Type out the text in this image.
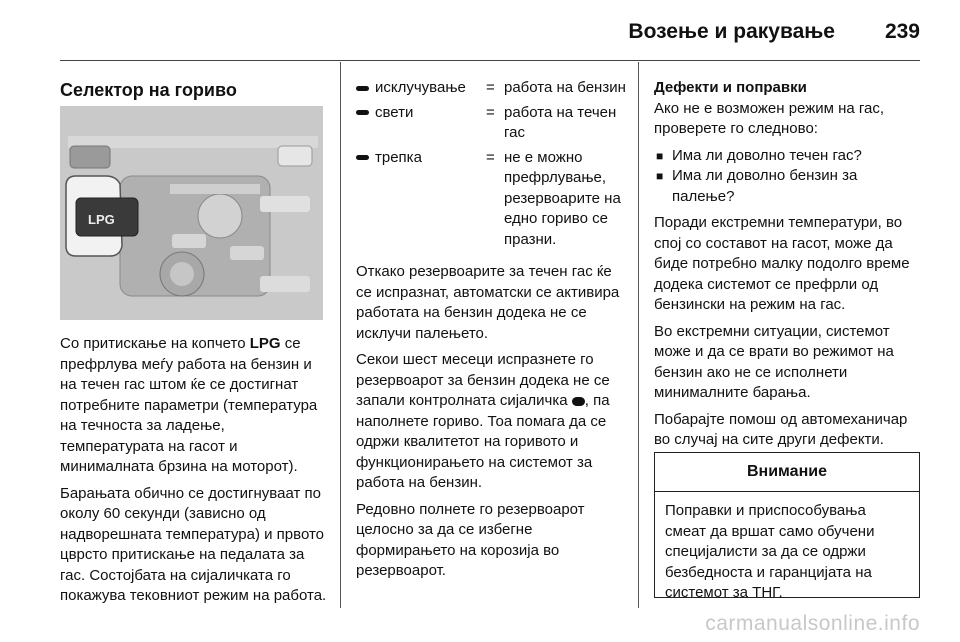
Возење и ракување 239
Селектор на гориво
LPG

Со притискање на копчето LPG се префрлува меѓу работа на бензин и на течен гас штом ќе се достигнат потребните параметри (температура на течноста за ладење, температурата на гасот и минималната брзина на моторот).

Барањата обично се достигнуваат по околу 60 секунди (зависно од надворешната температура) и првото цврсто притискање на педалата за гас. Состојбата на сијаличката го покажува тековниот режим на работа.

исклучување	=	работа на бензин
свети	=	работа на течен гас
трепка	=	не е можно префрлување, резервоарите на едно гориво се празни.

Откако резервоарите за течен гас ќе се испразнат, автоматски се активира работата на бензин додека не се исклучи палењето.

Секои шест месеци испразнете го резервоарот за бензин додека не се запали контролната сијаличка , па наполнете гориво. Тоа помага да се одржи квалитетот на горивото и функционирањето на системот за работа на бензин.

Редовно полнете го резервоарот целосно за да се избегне формирањето на корозија во резервоарот.

Дефекти и поправки

Ако не е возможен режим на гас, проверете го следново:

■ Има ли доволно течен гас?
■ Има ли доволно бензин за палење?

Поради екстремни температури, во спој со составот на гасот, може да биде потребно малку подолго време додека системот се префрли од бензински на режим на гас.

Во екстремни ситуации, системот може и да се врати во режимот на бензин ако не се исполнети минималните барања.

Побарајте помош од автомеханичар во случај на сите други дефекти.

Внимание
Поправки и приспособувања смеат да вршат само обучени специјалисти за да се одржи безбедноста и гаранцијата на системот за ТНГ.
carmanualsonline.info
